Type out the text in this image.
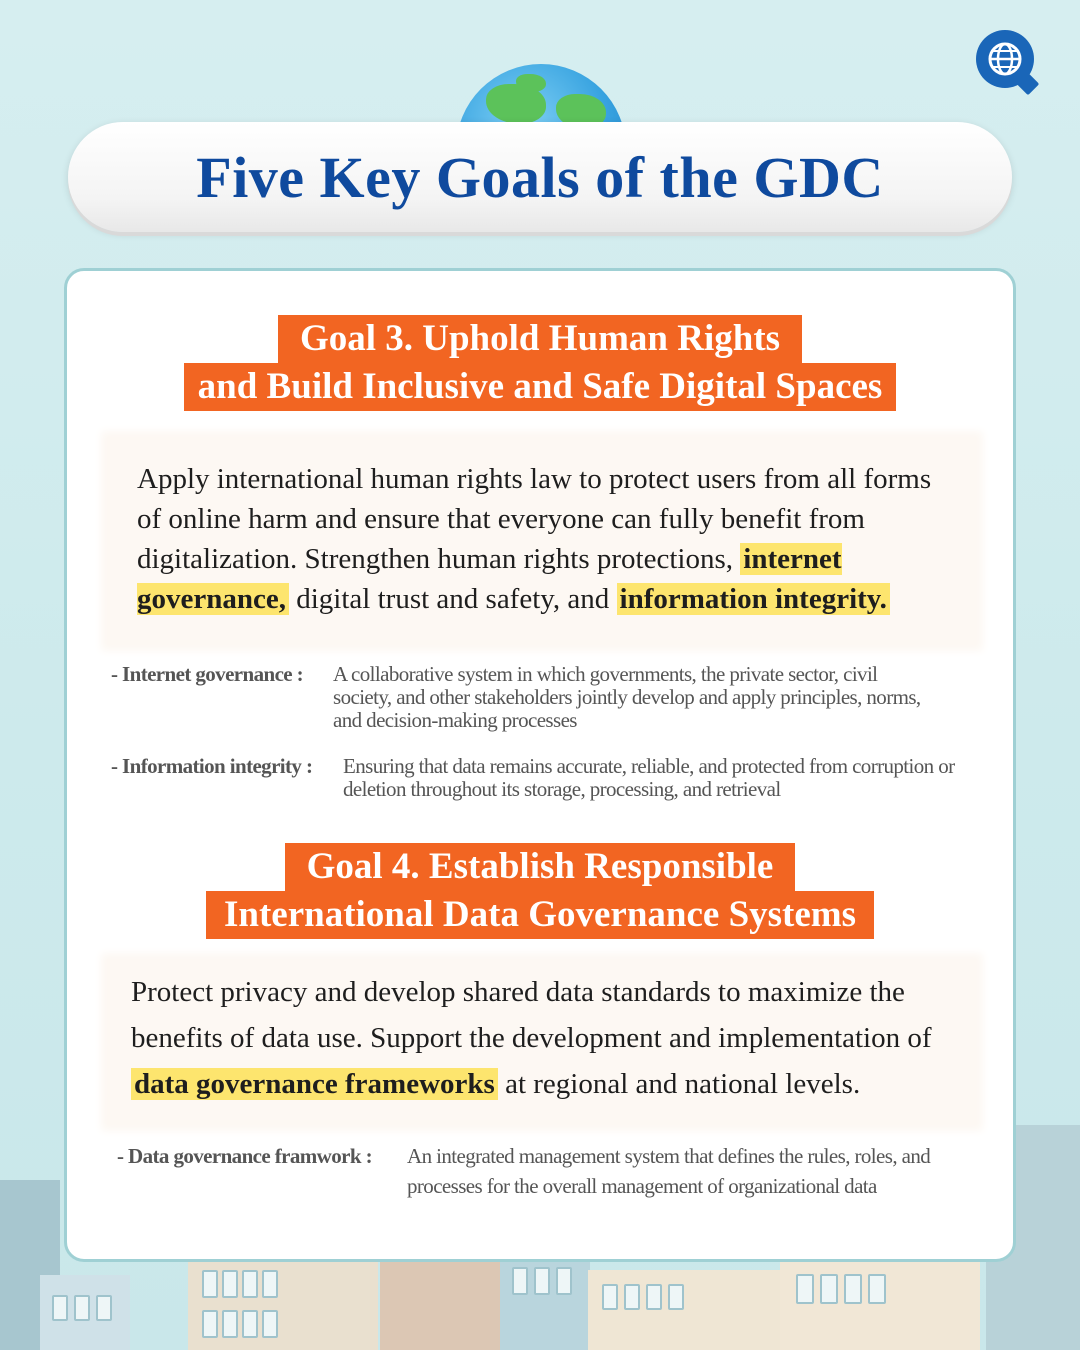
Five Key Goals of the GDC
Goal 3. Uphold Human Rights
and Build Inclusive and Safe Digital Spaces
Apply international human rights law to protect users from all forms of online harm and ensure that everyone can fully benefit from digitalization. Strengthen human rights protections, internet governance, digital trust and safety, and information integrity.
- Internet governance : A collaborative system in which governments, the private sector, civil society, and other stakeholders jointly develop and apply principles, norms, and decision-making processes
- Information integrity : Ensuring that data remains accurate, reliable, and protected from corruption or deletion throughout its storage, processing, and retrieval
Goal 4. Establish Responsible
International Data Governance Systems
Protect privacy and develop shared data standards to maximize the benefits of data use. Support the development and implementation of data governance frameworks at regional and national levels.
- Data governance framwork : An integrated management system that defines the rules, roles, and processes for the overall management of organizational data
